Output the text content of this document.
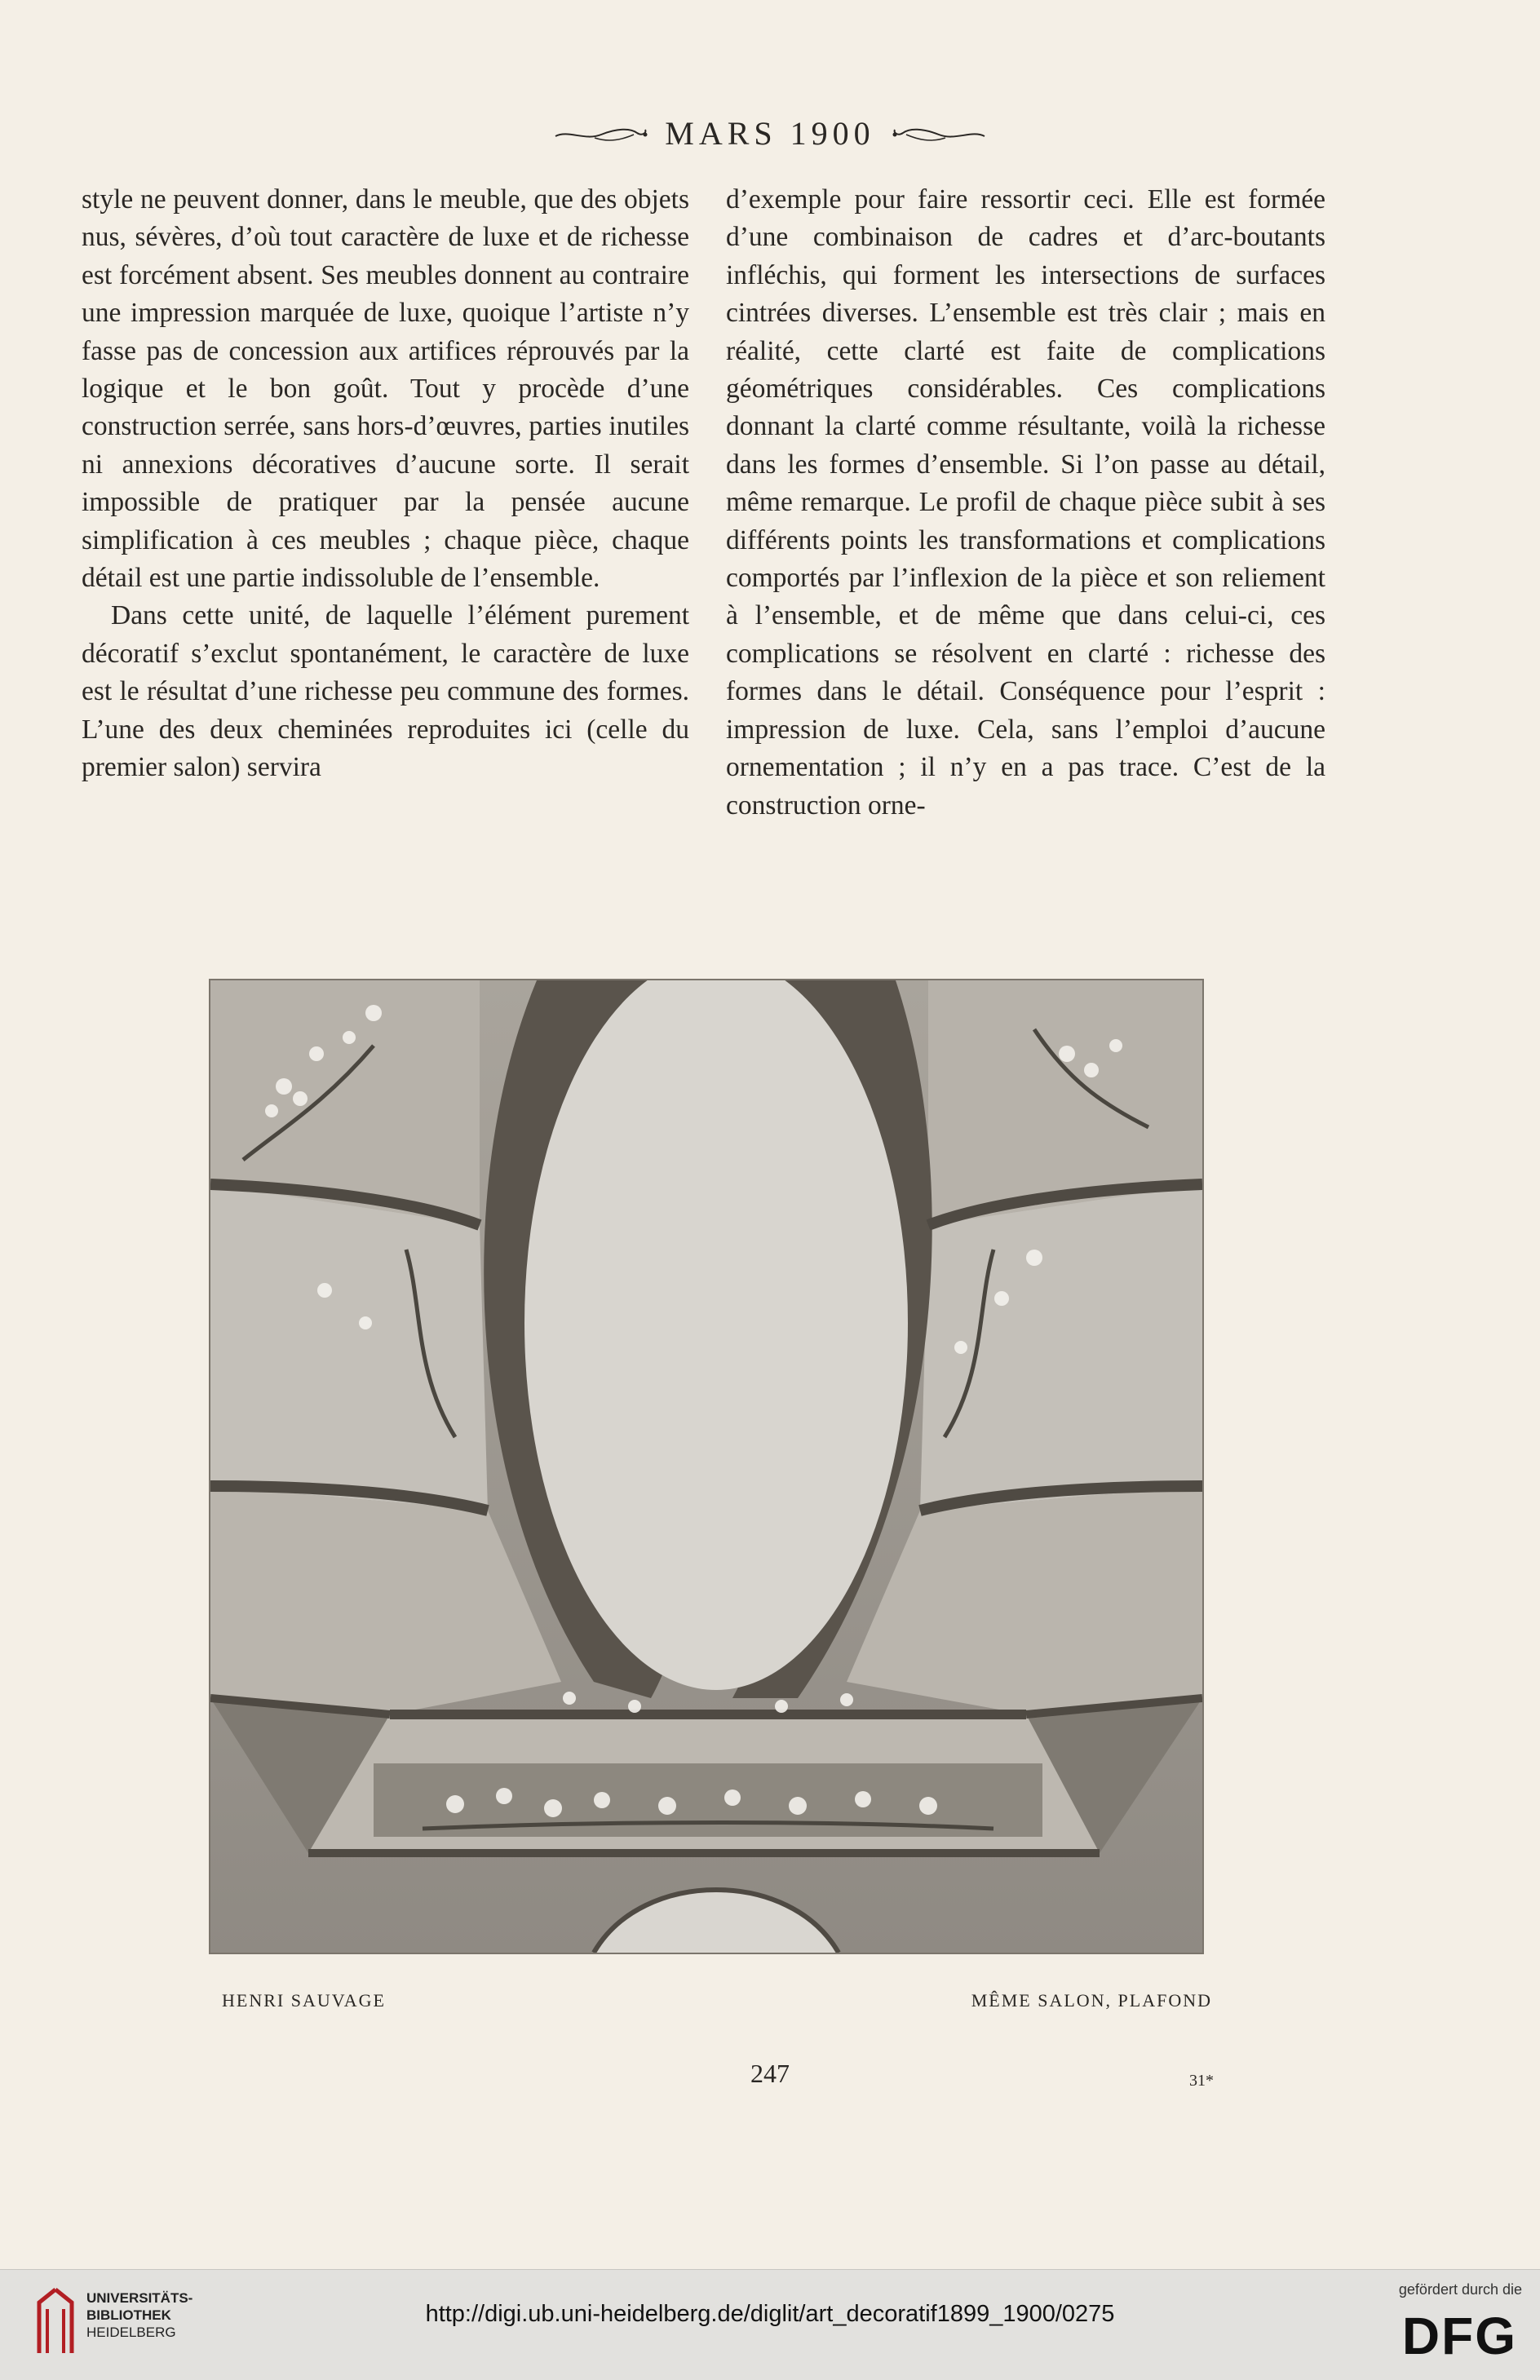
MARS 1900

style ne peuvent donner, dans le meuble, que des objets nus, sévères, d’où tout caractère de luxe et de richesse est forcément absent. Ses meubles donnent au contraire une impression marquée de luxe, quoique l’artiste n’y fasse pas de concession aux artifices réprouvés par la logique et le bon goût. Tout y procède d’une construction serrée, sans hors-d’œuvres, parties inutiles ni annexions décoratives d’aucune sorte. Il serait impossible de pratiquer par la pensée aucune simplification à ces meubles ; chaque pièce, chaque détail est une partie indissoluble de l’ensemble.

Dans cette unité, de laquelle l’élément purement décoratif s’exclut spontanément, le caractère de luxe est le résultat d’une richesse peu commune des formes. L’une des deux cheminées reproduites ici (celle du premier salon) servira

d’exemple pour faire ressortir ceci. Elle est formée d’une combinaison de cadres et d’arc-boutants infléchis, qui forment les intersections de surfaces cintrées diverses. L’ensemble est très clair ; mais en réalité, cette clarté est faite de complications géométriques considérables. Ces complications donnant la clarté comme résultante, voilà la richesse dans les formes d’ensemble. Si l’on passe au détail, même remarque. Le profil de chaque pièce subit à ses différents points les transformations et complications comportés par l’inflexion de la pièce et son reliement à l’ensemble, et de même que dans celui-ci, ces complications se résolvent en clarté : richesse des formes dans le détail. Conséquence pour l’esprit : impression de luxe. Cela, sans l’emploi d’aucune ornementation ; il n’y en a pas trace. C’est de la construction orne-

HENRI SAUVAGE	MÊME SALON, PLAFOND
247	31*
UNIVERSITÄTS-
BIBLIOTHEK
HEIDELBERG
http://digi.ub.uni-heidelberg.de/diglit/art_decoratif1899_1900/0275
gefördert durch die
DFG
